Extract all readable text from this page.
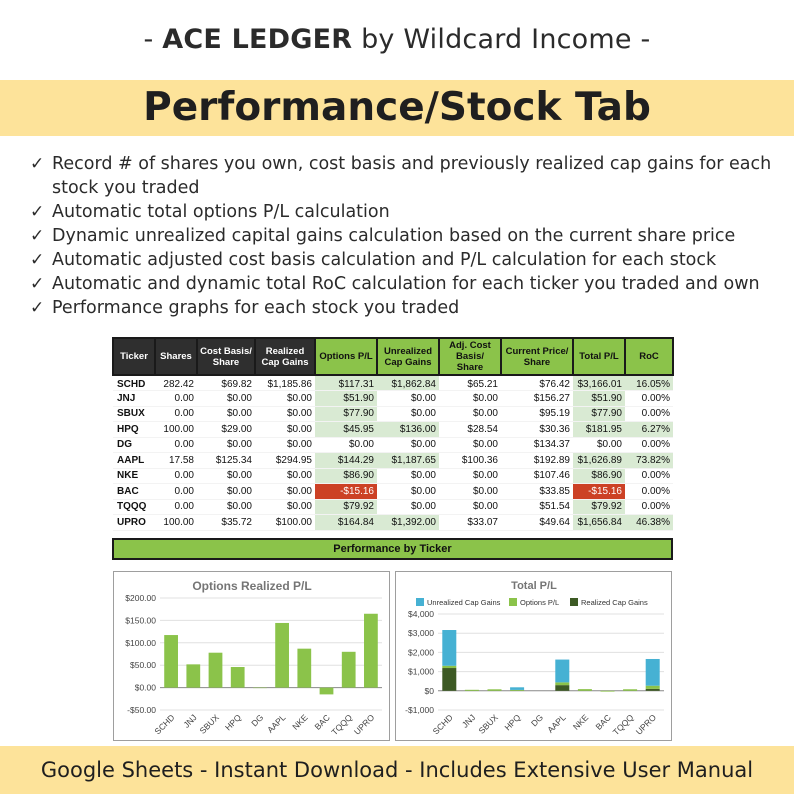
- ACE LEDGER by Wildcard Income -
Performance/Stock Tab
✓ Record # of shares you own, cost basis and previously realized cap gains for each stock you traded
✓ Automatic total options P/L calculation
✓ Dynamic unrealized capital gains calculation based on the current share price
✓ Automatic adjusted cost basis calculation and P/L calculation for each stock
✓ Automatic and dynamic total RoC calculation for each ticker you traded and own
✓ Performance graphs for each stock you traded
Ticker	Shares	Cost Basis/ Share	Realized Cap Gains	Options P/L	Unrealized Cap Gains	Adj. Cost Basis/ Share	Current Price/ Share	Total P/L	RoC
SCHD	282.42	$69.82	$1,185.86	$117.31	$1,862.84	$65.21	$76.42	$3,166.01	16.05%
JNJ	0.00	$0.00	$0.00	$51.90	$0.00	$0.00	$156.27	$51.90	0.00%
SBUX	0.00	$0.00	$0.00	$77.90	$0.00	$0.00	$95.19	$77.90	0.00%
HPQ	100.00	$29.00	$0.00	$45.95	$136.00	$28.54	$30.36	$181.95	6.27%
DG	0.00	$0.00	$0.00	$0.00	$0.00	$0.00	$134.37	$0.00	0.00%
AAPL	17.58	$125.34	$294.95	$144.29	$1,187.65	$100.36	$192.89	$1,626.89	73.82%
NKE	0.00	$0.00	$0.00	$86.90	$0.00	$0.00	$107.46	$86.90	0.00%
BAC	0.00	$0.00	$0.00	-$15.16	$0.00	$0.00	$33.85	-$15.16	0.00%
TQQQ	0.00	$0.00	$0.00	$79.92	$0.00	$0.00	$51.54	$79.92	0.00%
UPRO	100.00	$35.72	$100.00	$164.84	$1,392.00	$33.07	$49.64	$1,656.84	46.38%
Performance by Ticker
Options Realized P/L
-$50.00
$0.00
$50.00
$100.00
$150.00
$200.00
SCHD JNJ
SBUX HPQ DG AAPL NKE BAC
TQQQ
UPRO
Total P/L
Unrealized Cap Gains	Options P/L	Realized Cap Gains
-$1,000
$0
$1,000
$2,000
$3,000
$4,000
SCHD JNJ SBUX HPQ DG AAPL NKE BAC
TQQQ
UPRO
Google Sheets - Instant Download - Includes Extensive User Manual
